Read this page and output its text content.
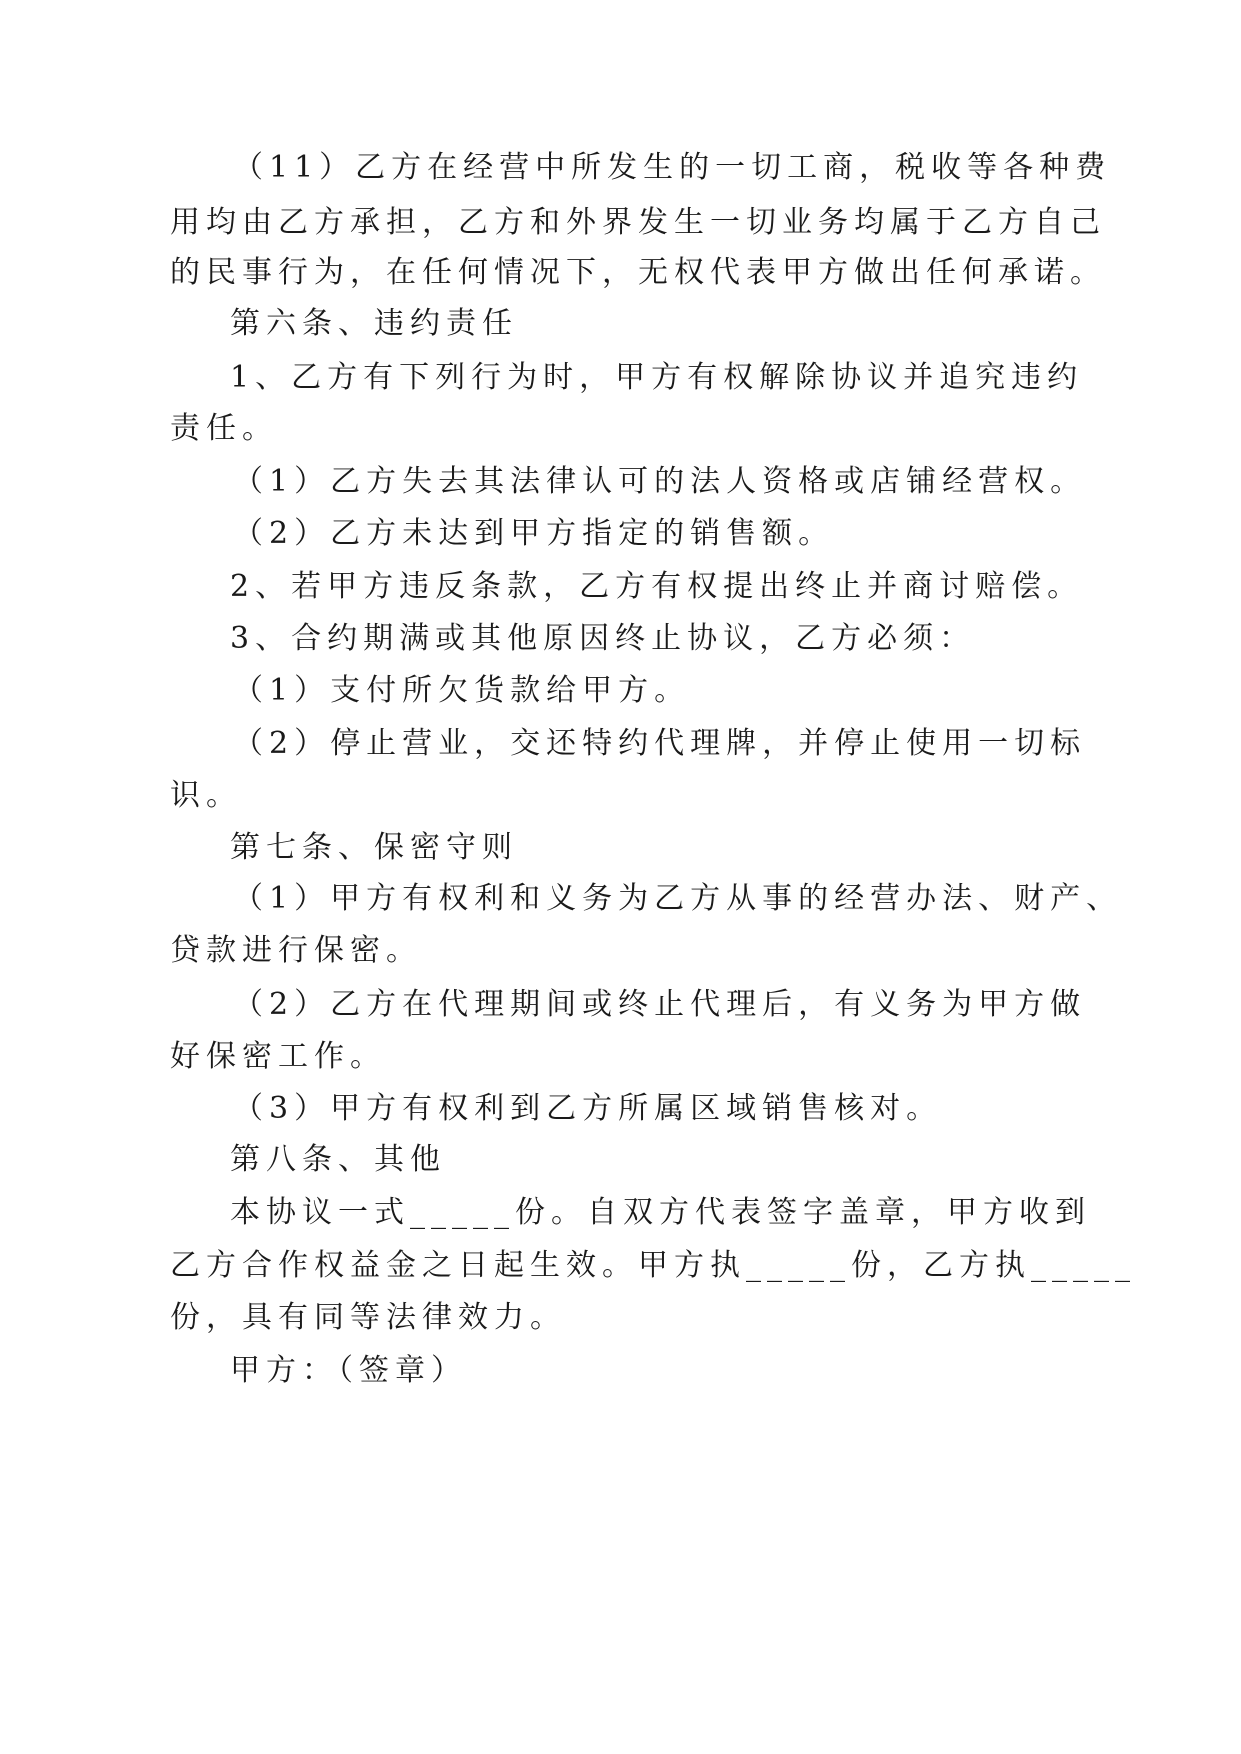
（11）乙方在经营中所发生的一切工商，税收等各种费

用均由乙方承担，乙方和外界发生一切业务均属于乙方自己

的民事行为，在任何情况下，无权代表甲方做出任何承诺。

第六条、违约责任

1、乙方有下列行为时，甲方有权解除协议并追究违约

责任。

（1）乙方失去其法律认可的法人资格或店铺经营权。

（2）乙方未达到甲方指定的销售额。

2、若甲方违反条款，乙方有权提出终止并商讨赔偿。

3、合约期满或其他原因终止协议，乙方必须：

（1）支付所欠货款给甲方。

（2）停止营业，交还特约代理牌，并停止使用一切标

识。

第七条、保密守则

（1）甲方有权利和义务为乙方从事的经营办法、财产、

贷款进行保密。

（2）乙方在代理期间或终止代理后，有义务为甲方做

好保密工作。

（3）甲方有权利到乙方所属区域销售核对。

第八条、其他

本协议一式_____份。自双方代表签字盖章，甲方收到

乙方合作权益金之日起生效。甲方执_____份，乙方执_____

份，具有同等法律效力。

甲方：（签章）
